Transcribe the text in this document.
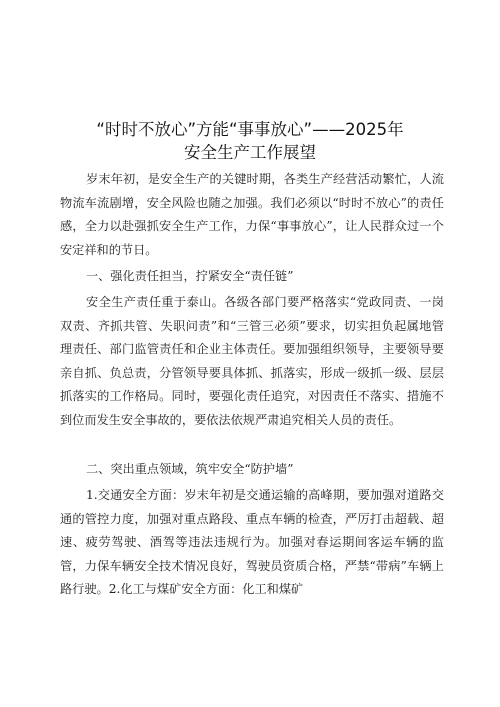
“时时不放心”方能“事事放心”——2025年
安全生产工作展望

岁末年初，是安全生产的关键时期，各类生产经营活动繁忙，人流物流车流剧增，安全风险也随之加强。我们必须以“时时不放心”的责任感，全力以赴强抓安全生产工作，力保“事事放心”，让人民群众过一个安定祥和的节日。

一、强化责任担当，拧紧安全“责任链”

安全生产责任重于泰山。各级各部门要严格落实“党政同责、一岗双责、齐抓共管、失职问责”和“三管三必须”要求，切实担负起属地管理责任、部门监管责任和企业主体责任。要加强组织领导，主要领导要亲自抓、负总责，分管领导要具体抓、抓落实，形成一级抓一级、层层抓落实的工作格局。同时，要强化责任追究，对因责任不落实、措施不到位而发生安全事故的，要依法依规严肃追究相关人员的责任。

二、突出重点领域，筑牢安全“防护墙”

1.交通安全方面：岁末年初是交通运输的高峰期，要加强对道路交通的管控力度，加强对重点路段、重点车辆的检查，严厉打击超载、超速、疲劳驾驶、酒驾等违法违规行为。加强对春运期间客运车辆的监管，力保车辆安全技术情况良好，驾驶员资质合格，严禁“带病”车辆上路行驶。2.化工与煤矿安全方面：化工和煤矿
